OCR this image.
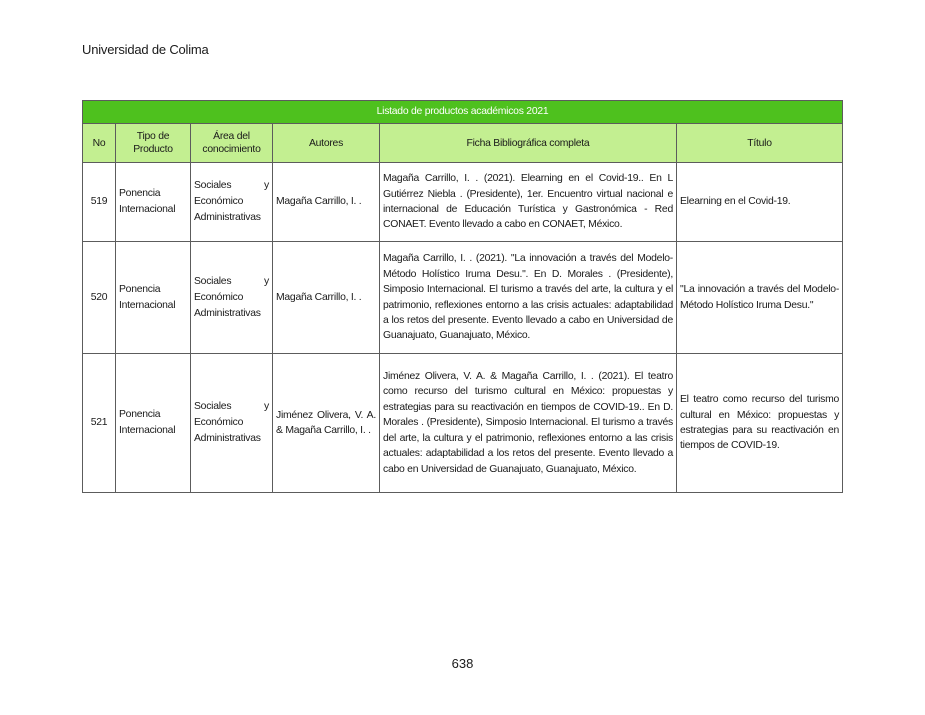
Universidad de Colima
Listado de productos académicos 2021					
No	Tipo de Producto	Área del conocimiento	Autores	Ficha Bibliográfica completa	Título
519	Ponencia Internacional	Sociales y Económico Administrativas	Magaña Carrillo, I. .	Magaña Carrillo, I. . (2021). Elearning en el Covid-19.. En L Gutiérrez Niebla . (Presidente), 1er. Encuentro virtual nacional e internacional de Educación Turística y Gastronómica - Red CONAET. Evento llevado a cabo en CONAET, México.	Elearning en el Covid-19.
520	Ponencia Internacional	Sociales y Económico Administrativas	Magaña Carrillo, I. .	Magaña Carrillo, I. . (2021). "La innovación a través del Modelo-Método Holístico Iruma Desu.". En D. Morales . (Presidente), Simposio Internacional. El turismo a través del arte, la cultura y el patrimonio, reflexiones entorno a las crisis actuales: adaptabilidad a los retos del presente. Evento llevado a cabo en Universidad de Guanajuato, Guanajuato, México.	"La innovación a través del Modelo-Método Holístico Iruma Desu."
521	Ponencia Internacional	Sociales y Económico Administrativas	Jiménez Olivera, V. A. & Magaña Carrillo, I. .	Jiménez Olivera, V. A. & Magaña Carrillo, I. . (2021). El teatro como recurso del turismo cultural en México: propuestas y estrategias para su reactivación en tiempos de COVID-19.. En D. Morales . (Presidente), Simposio Internacional. El turismo a través del arte, la cultura y el patrimonio, reflexiones entorno a las crisis actuales: adaptabilidad a los retos del presente. Evento llevado a cabo en Universidad de Guanajuato, Guanajuato, México.	El teatro como recurso del turismo cultural en México: propuestas y estrategias para su reactivación en tiempos de COVID-19.
638
